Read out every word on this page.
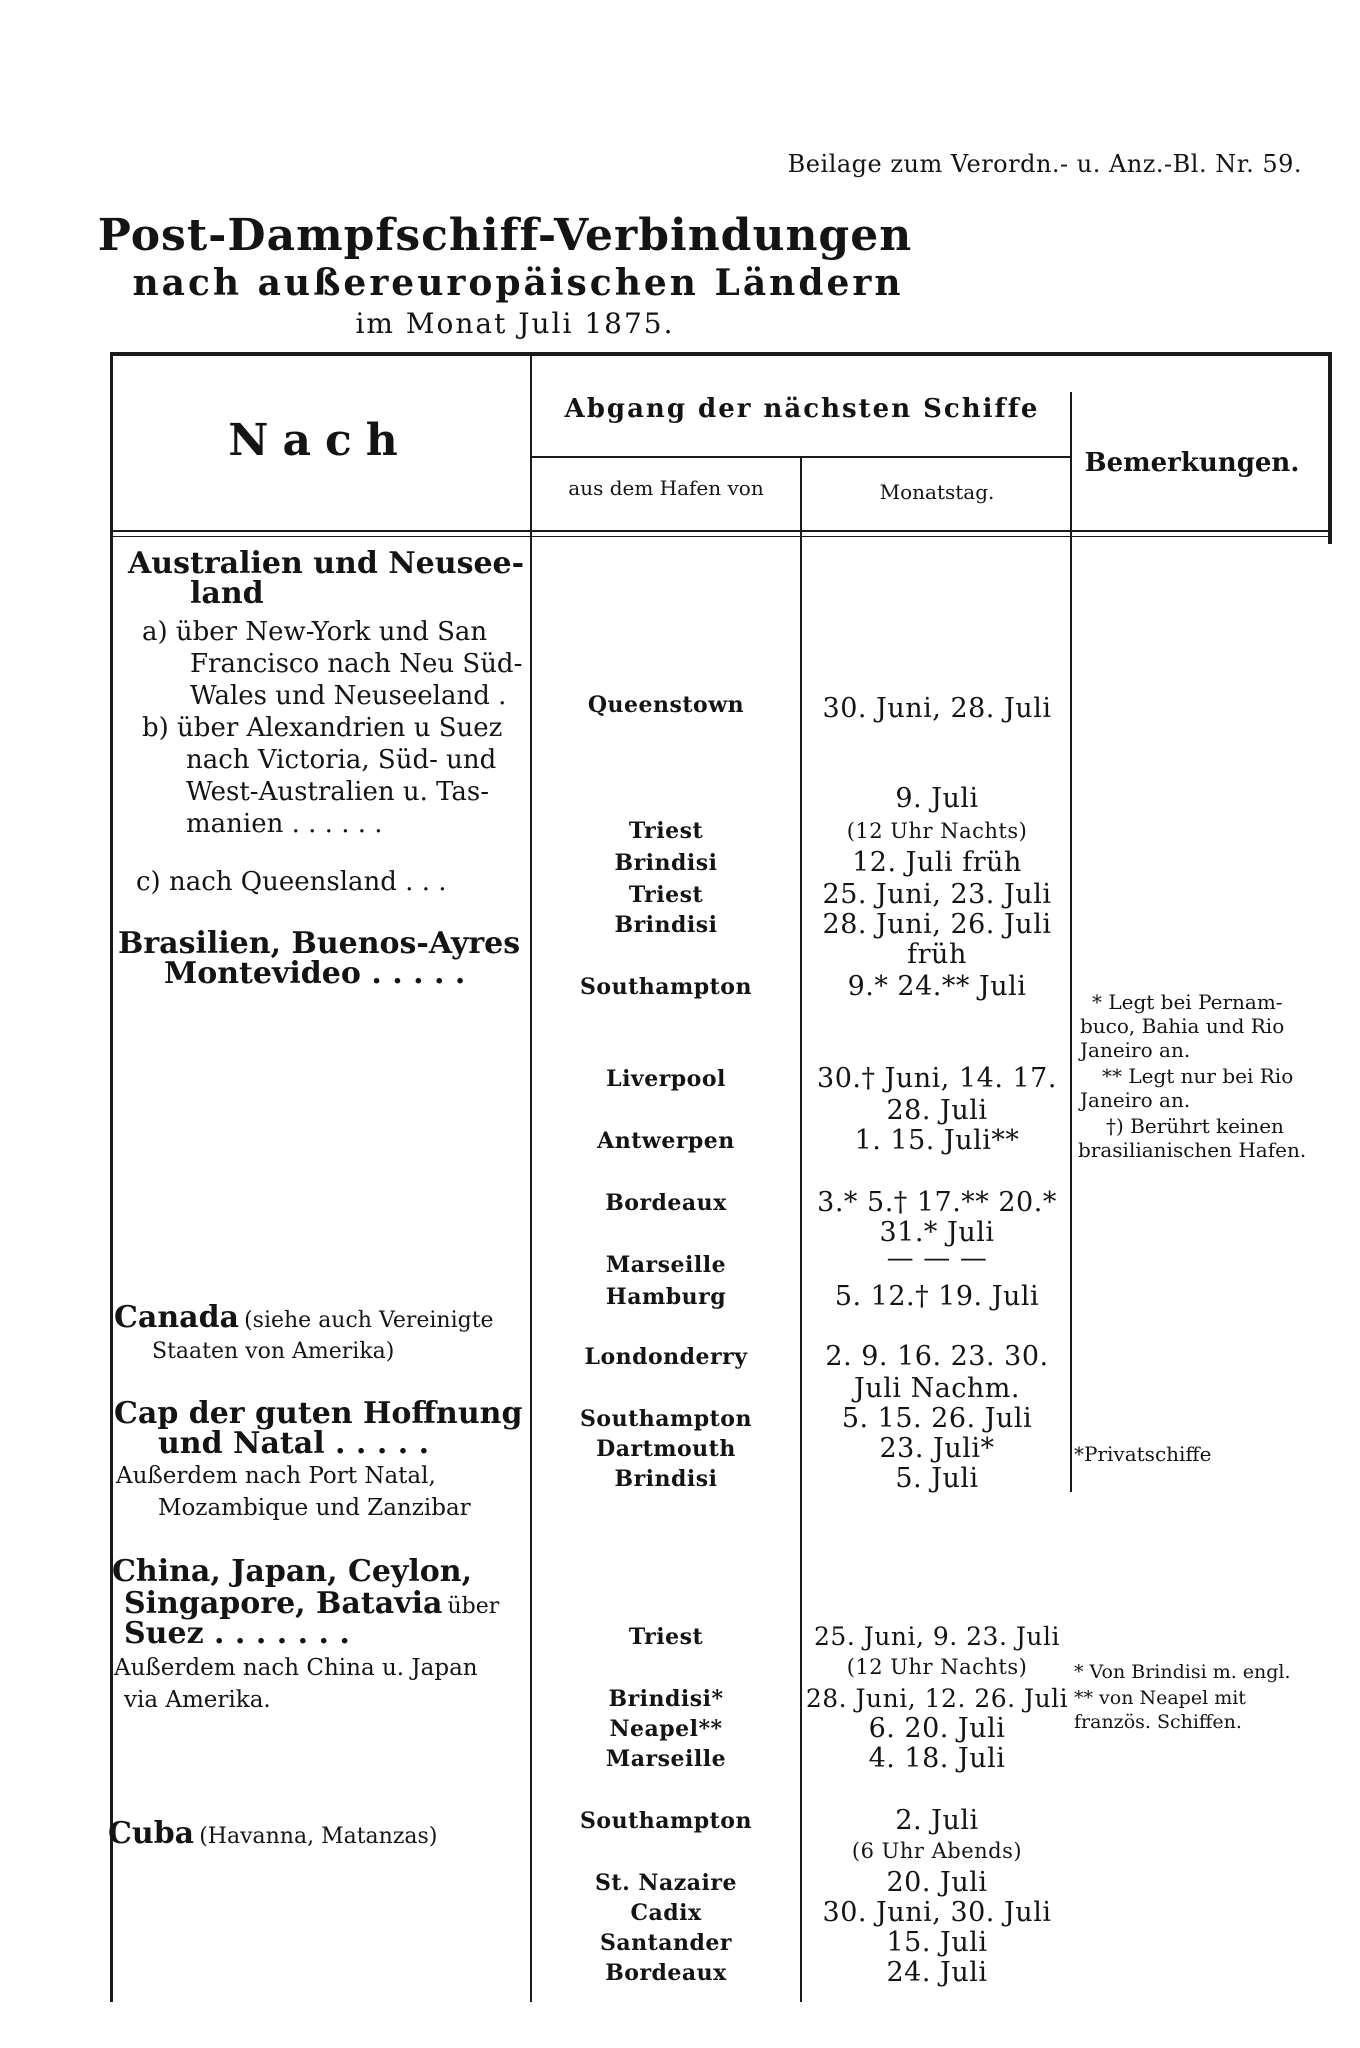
Beilage zum Verordn.- u. Anz.-Bl. Nr. 59.
Post-Dampfschiff-Verbindungen
nach außereuropäischen Ländern
im Monat Juli 1875.
Nach
Abgang der nächsten Schiffe
aus dem Hafen von	Monatstag.
Bemerkungen.
Australien und Neusee-
land
a) über New-York und San
Francisco nach Neu Süd-
Wales und Neuseeland .
b) über Alexandrien u Suez
nach Victoria, Süd- und
West-Australien u. Tas-
manien . . . . . .
c) nach Queensland . . .
Brasilien, Buenos-Ayres
Montevideo . . . . .
Canada (siehe auch Vereinigte
Staaten von Amerika)
Cap der guten Hoffnung
und Natal . . . . .
Außerdem nach Port Natal,
Mozambique und Zanzibar
China, Japan, Ceylon,
Singapore, Batavia über
Suez . . . . . . .
Außerdem nach China u. Japan
via Amerika.
Cuba (Havanna, Matanzas)
Queenstown
Triest
Brindisi
Triest
Brindisi
Southampton
Liverpool
Antwerpen
Bordeaux
Marseille
Hamburg
Londonderry
Southampton
Dartmouth
Brindisi
Triest
Brindisi*
Neapel**
Marseille
Southampton
St. Nazaire
Cadix
Santander
Bordeaux
30. Juni, 28. Juli
9. Juli
(12 Uhr Nachts)
12. Juli früh
25. Juni, 23. Juli
28. Juni, 26. Juli
früh
9.* 24.** Juli
30.† Juni, 14. 17.
28. Juli
1. 15. Juli**
3.* 5.† 17.** 20.*
31.* Juli
— — —
5. 12.† 19. Juli
2. 9. 16. 23. 30.
Juli Nachm.
5. 15. 26. Juli
23. Juli*
5. Juli
25. Juni, 9. 23. Juli
(12 Uhr Nachts)
28. Juni, 12. 26. Juli
6. 20. Juli
4. 18. Juli
2. Juli
(6 Uhr Abends)
20. Juli
30. Juni, 30. Juli
15. Juli
24. Juli
* Legt bei Pernam-
buco, Bahia und Rio
Janeiro an.
** Legt nur bei Rio
Janeiro an.
†) Berührt keinen
brasilianischen Hafen.
*Privatschiffe
* Von Brindisi m. engl.
** von Neapel mit
französ. Schiffen.
